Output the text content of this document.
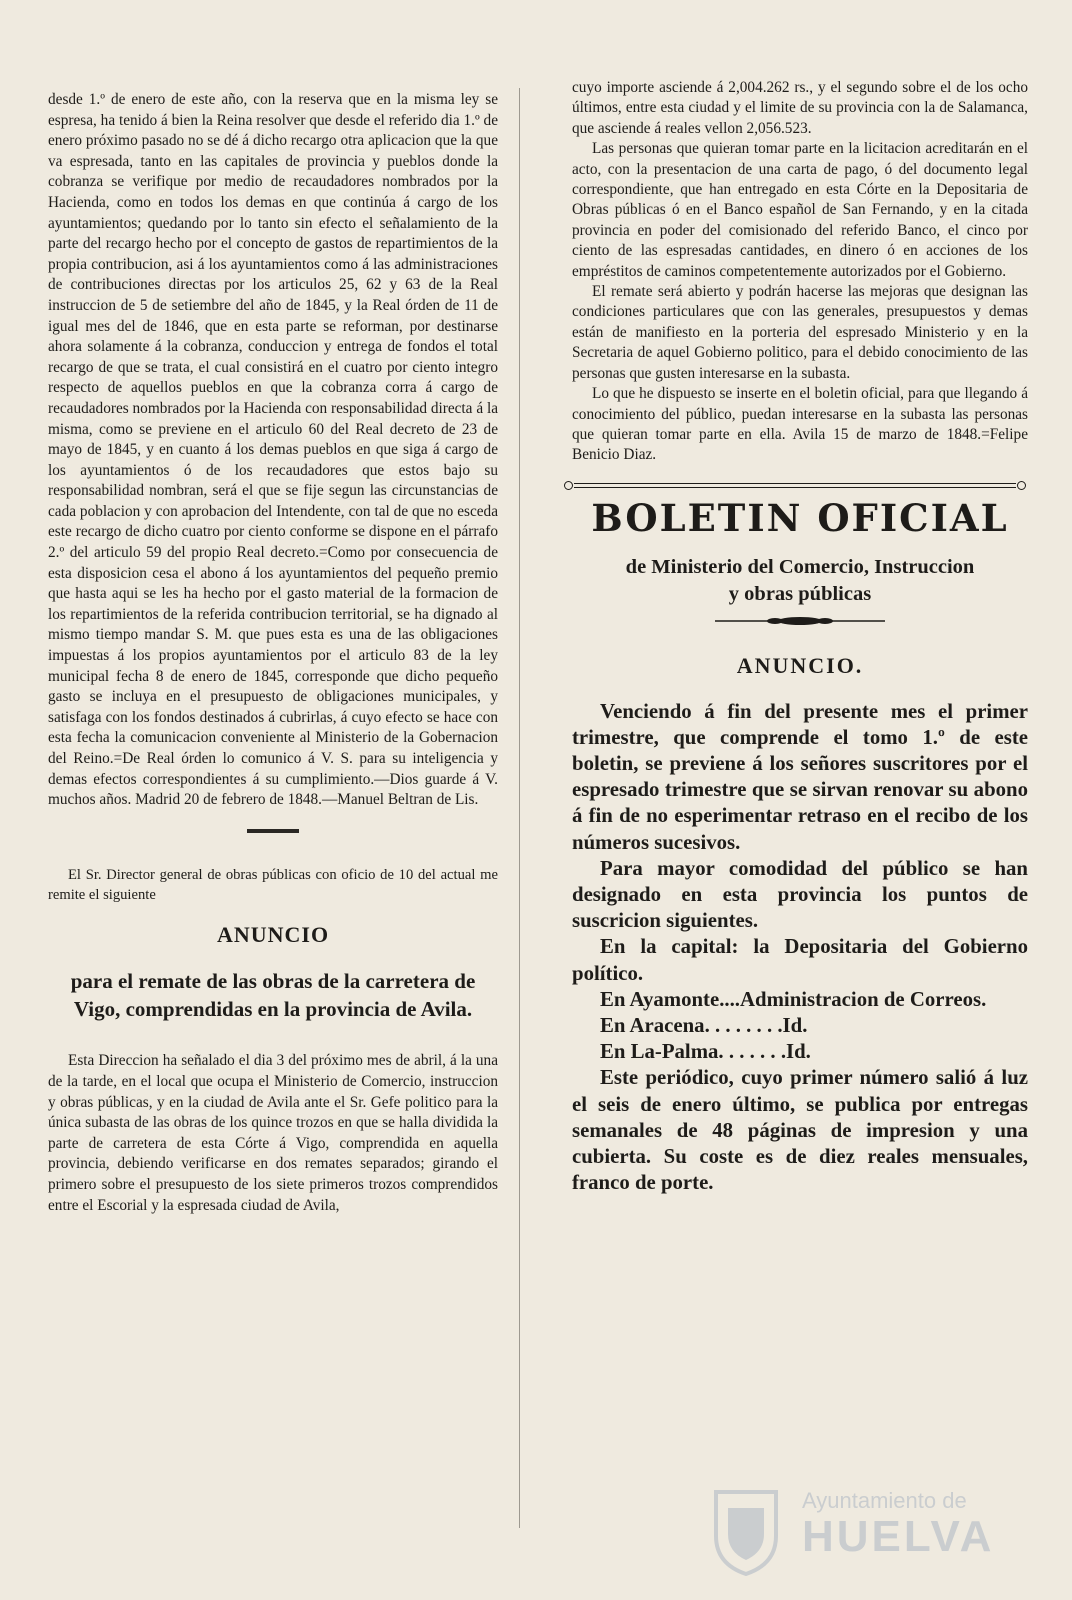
desde 1.º de enero de este año, con la reserva que en la misma ley se espresa, ha tenido á bien la Reina resolver que desde el referido dia 1.º de enero próximo pasado no se dé á dicho recargo otra aplicacion que la que va espresada, tanto en las capitales de provincia y pueblos donde la cobranza se verifique por medio de recaudadores nombrados por la Hacienda, como en todos los demas en que continúa á cargo de los ayuntamientos; quedando por lo tanto sin efecto el señalamiento de la parte del recargo hecho por el concepto de gastos de repartimientos de la propia contribucion, asi á los ayuntamientos como á las administraciones de contribuciones directas por los articulos 25, 62 y 63 de la Real instruccion de 5 de setiembre del año de 1845, y la Real órden de 11 de igual mes del de 1846, que en esta parte se reforman, por destinarse ahora solamente á la cobranza, conduccion y entrega de fondos el total recargo de que se trata, el cual consistirá en el cuatro por ciento integro respecto de aquellos pueblos en que la cobranza corra á cargo de recaudadores nombrados por la Hacienda con responsabilidad directa á la misma, como se previene en el articulo 60 del Real decreto de 23 de mayo de 1845, y en cuanto á los demas pueblos en que siga á cargo de los ayuntamientos ó de los recaudadores que estos bajo su responsabilidad nombran, será el que se fije segun las circunstancias de cada poblacion y con aprobacion del Intendente, con tal de que no esceda este recargo de dicho cuatro por ciento conforme se dispone en el párrafo 2.º del articulo 59 del propio Real decreto.=Como por consecuencia de esta disposicion cesa el abono á los ayuntamientos del pequeño premio que hasta aqui se les ha hecho por el gasto material de la formacion de los repartimientos de la referida contribucion territorial, se ha dignado al mismo tiempo mandar S. M. que pues esta es una de las obligaciones impuestas á los propios ayuntamientos por el articulo 83 de la ley municipal fecha 8 de enero de 1845, corresponde que dicho pequeño gasto se incluya en el presupuesto de obligaciones municipales, y satisfaga con los fondos destinados á cubrirlas, á cuyo efecto se hace con esta fecha la comunicacion conveniente al Ministerio de la Gobernacion del Reino.=De Real órden lo comunico á V. S. para su inteligencia y demas efectos correspondientes á su cumplimiento.—Dios guarde á V. muchos años. Madrid 20 de febrero de 1848.—Manuel Beltran de Lis.

El Sr. Director general de obras públicas con oficio de 10 del actual me remite el siguiente

ANUNCIO
para el remate de las obras de la carretera de Vigo, comprendidas en la provincia de Avila.

Esta Direccion ha señalado el dia 3 del próximo mes de abril, á la una de la tarde, en el local que ocupa el Ministerio de Comercio, instruccion y obras públicas, y en la ciudad de Avila ante el Sr. Gefe politico para la única subasta de las obras de los quince trozos en que se halla dividida la parte de carretera de esta Córte á Vigo, comprendida en aquella provincia, debiendo verificarse en dos remates separados; girando el primero sobre el presupuesto de los siete primeros trozos comprendidos entre el Escorial y la espresada ciudad de Avila,

cuyo importe asciende á 2,004.262 rs., y el segundo sobre el de los ocho últimos, entre esta ciudad y el limite de su provincia con la de Salamanca, que asciende á reales vellon 2,056.523.

Las personas que quieran tomar parte en la licitacion acreditarán en el acto, con la presentacion de una carta de pago, ó del documento legal correspondiente, que han entregado en esta Córte en la Depositaria de Obras públicas ó en el Banco español de San Fernando, y en la citada provincia en poder del comisionado del referido Banco, el cinco por ciento de las espresadas cantidades, en dinero ó en acciones de los empréstitos de caminos competentemente autorizados por el Gobierno.

El remate será abierto y podrán hacerse las mejoras que designan las condiciones particulares que con las generales, presupuestos y demas están de manifiesto en la porteria del espresado Ministerio y en la Secretaria de aquel Gobierno politico, para el debido conocimiento de las personas que gusten interesarse en la subasta.

Lo que he dispuesto se inserte en el boletin oficial, para que llegando á conocimiento del público, puedan interesarse en la subasta las personas que quieran tomar parte en ella. Avila 15 de marzo de 1848.=Felipe Benicio Diaz.

BOLETIN OFICIAL
de Ministerio del Comercio, Instruccion
y obras públicas
ANUNCIO.

Venciendo á fin del presente mes el primer trimestre, que comprende el tomo 1.º de este boletin, se previene á los señores suscritores por el espresado trimestre que se sirvan renovar su abono á fin de no esperimentar retraso en el recibo de los números sucesivos.

Para mayor comodidad del público se han designado en esta provincia los puntos de suscricion siguientes.

En la capital: la Depositaria del Gobierno político.

En Ayamonte....Administracion de Correos.

En Aracena. . . . . . . .Id.

En La-Palma. . . . . . .Id.

Este periódico, cuyo primer número salió á luz el seis de enero último, se publica por entregas semanales de 48 páginas de impresion y una cubierta. Su coste es de diez reales mensuales, franco de porte.

Ayuntamiento de
HUELVA
